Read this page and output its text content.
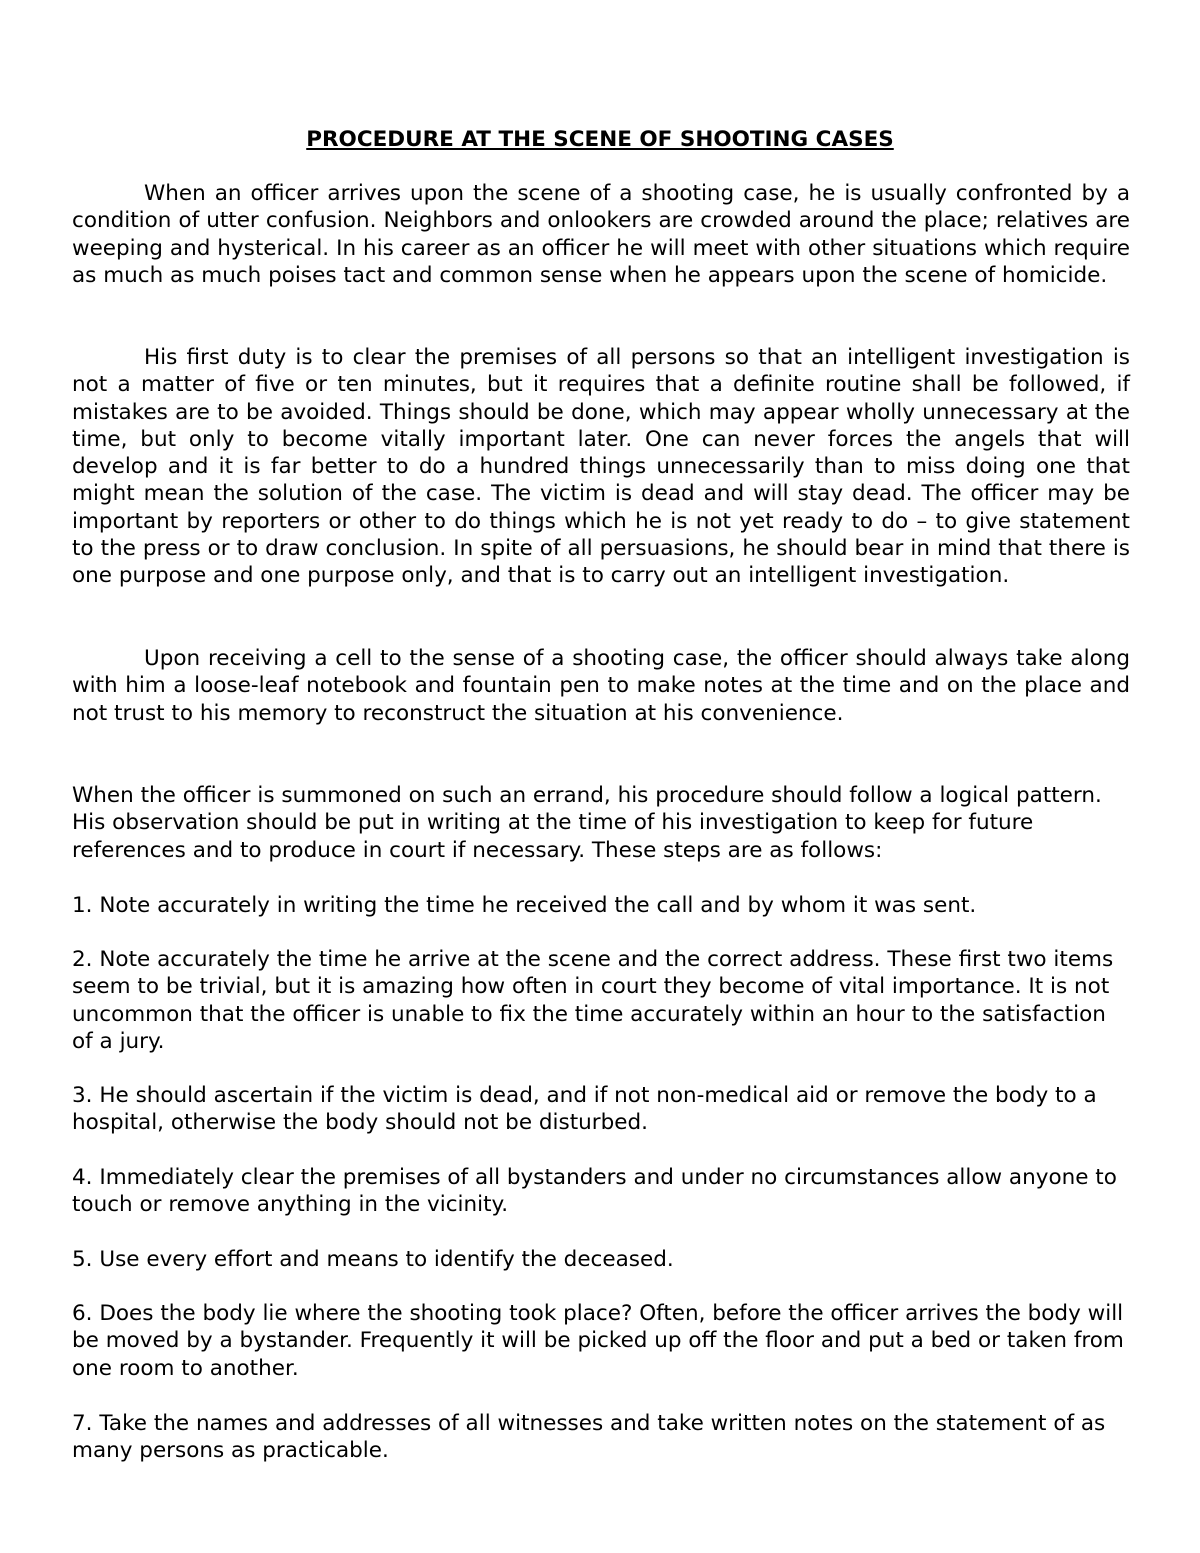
PROCEDURE AT THE SCENE OF SHOOTING CASES

When an officer arrives upon the scene of a shooting case, he is usually confronted by a condition of utter confusion. Neighbors and onlookers are crowded around the place; relatives are weeping and hysterical. In his career as an officer he will meet with other situations which require as much as much poises tact and common sense when he appears upon the scene of homicide.

His first duty is to clear the premises of all persons so that an intelligent investigation is not a matter of five or ten minutes, but it requires that a definite routine shall be followed, if mistakes are to be avoided. Things should be done, which may appear wholly unnecessary at the time, but only to become vitally important later. One can never forces the angels that will develop and it is far better to do a hundred things unnecessarily than to miss doing one that might mean the solution of the case. The victim is dead and will stay dead. The officer may be important by reporters or other to do things which he is not yet ready to do – to give statement to the press or to draw conclusion. In spite of all persuasions, he should bear in mind that there is one purpose and one purpose only, and that is to carry out an intelligent investigation.

Upon receiving a cell to the sense of a shooting case, the officer should always take along with him a loose-leaf notebook and fountain pen to make notes at the time and on the place and not trust to his memory to reconstruct the situation at his convenience.

When the officer is summoned on such an errand, his procedure should follow a logical pattern. His observation should be put in writing at the time of his investigation to keep for future references and to produce in court if necessary. These steps are as follows:

1. Note accurately in writing the time he received the call and by whom it was sent.

2. Note accurately the time he arrive at the scene and the correct address. These first two items seem to be trivial, but it is amazing how often in court they become of vital importance. It is not uncommon that the officer is unable to fix the time accurately within an hour to the satisfaction of a jury.

3. He should ascertain if the victim is dead, and if not non-medical aid or remove the body to a hospital, otherwise the body should not be disturbed.

4. Immediately clear the premises of all bystanders and under no circumstances allow anyone to touch or remove anything in the vicinity.

5. Use every effort and means to identify the deceased.

6. Does the body lie where the shooting took place? Often, before the officer arrives the body will be moved by a bystander. Frequently it will be picked up off the floor and put a bed or taken from one room to another.

7. Take the names and addresses of all witnesses and take written notes on the statement of as many persons as practicable.
